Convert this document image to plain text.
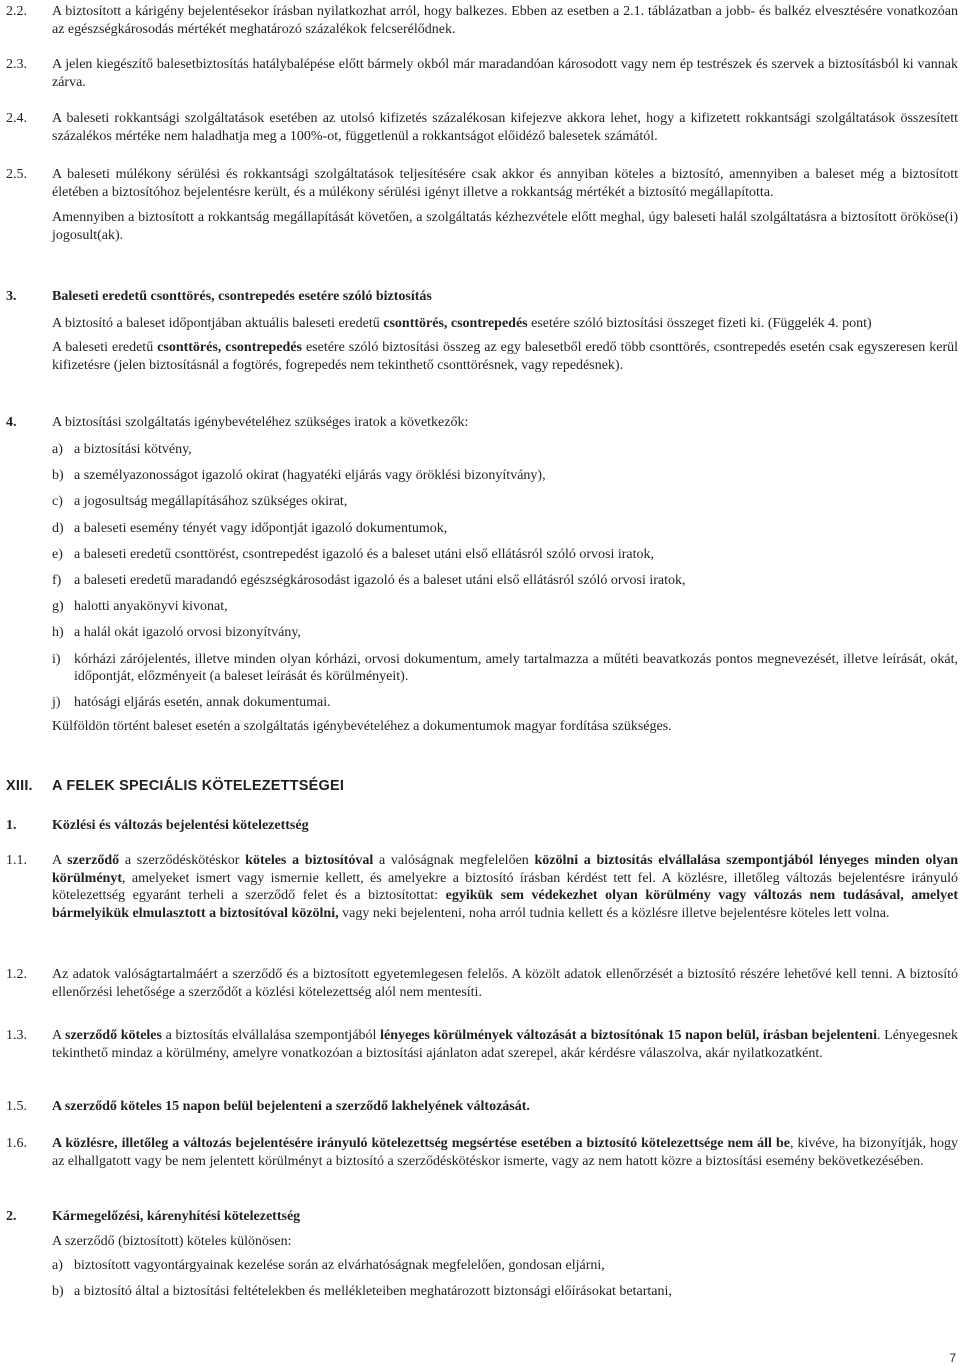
2.2. A biztosított a kárigény bejelentésekor írásban nyilatkozhat arról, hogy balkezes. Ebben az esetben a 2.1. táblázatban a jobb- és balkéz elvesztésére vonatkozóan az egészségkárosodás mértékét meghatározó százalékok felcserélődnek.

2.3. A jelen kiegészítő balesetbiztosítás hatálybalépése előtt bármely okból már maradandóan károsodott vagy nem ép testrészek és szervek a biztosításból ki vannak zárva.

2.4. A baleseti rokkantsági szolgáltatások esetében az utolsó kifizetés százalékosan kifejezve akkora lehet, hogy a kifizetett rokkantsági szolgáltatások összesített százalékos mértéke nem haladhatja meg a 100%-ot, függetlenül a rokkantságot előidéző balesetek számától.

2.5. A baleseti múlékony sérülési és rokkantsági szolgáltatások teljesítésére csak akkor és annyiban köteles a biztosító, amennyiben a baleset még a biztosított életében a biztosítóhoz bejelentésre került, és a múlékony sérülési igényt illetve a rokkantság mértékét a biztosító megállapította.

Amennyiben a biztosított a rokkantság megállapítását követően, a szolgáltatás kézhezvétele előtt meghal, úgy baleseti halál szolgáltatásra a biztosított örököse(i) jogosult(ak).

3.	Baleseti eredetű csonttörés, csontrepedés esetére szóló biztosítás

A biztosító a baleset időpontjában aktuális baleseti eredetű csonttörés, csontrepedés esetére szóló biztosítási összeget fizeti ki. (Függelék 4. pont)

A baleseti eredetű csonttörés, csontrepedés esetére szóló biztosítási összeg az egy balesetből eredő több csonttörés, csontrepedés esetén csak egyszeresen kerül kifizetésre (jelen biztosításnál a fogtörés, fogrepedés nem tekinthető csonttörésnek, vagy repedésnek).

4.	A biztosítási szolgáltatás igénybevételéhez szükséges iratok a következők:

a) a biztosítási kötvény,
b) a személyazonosságot igazoló okirat (hagyatéki eljárás vagy öröklési bizonyítvány),
c) a jogosultság megállapításához szükséges okirat,
d) a baleseti esemény tényét vagy időpontját igazoló dokumentumok,
e) a baleseti eredetű csonttörést, csontrepedést igazoló és a baleset utáni első ellátásról szóló orvosi iratok,
f) a baleseti eredetű maradandó egészségkárosodást igazoló és a baleset utáni első ellátásról szóló orvosi iratok,
g) halotti anyakönyvi kivonat,
h) a halál okát igazoló orvosi bizonyítvány,
i) kórházi zárójelentés, illetve minden olyan kórházi, orvosi dokumentum, amely tartalmazza a műtéti beavatkozás pontos megnevezését, illetve leírását, okát, időpontját, előzményeit (a baleset leírását és körülményeit).
j) hatósági eljárás esetén, annak dokumentumai.

Külföldön történt baleset esetén a szolgáltatás igénybevételéhez a dokumentumok magyar fordítása szükséges.

XIII. A FELEK SPECIÁLIS KÖTELEZETTSÉGEI

1.	Közlési és változás bejelentési kötelezettség

1.1. A szerződő a szerződéskötéskor köteles a biztosítóval a valóságnak megfelelően közölni a biztosítás elvállalása szempontjából lényeges minden olyan körülményt, amelyeket ismert vagy ismernie kellett, és amelyekre a biztosító írásban kérdést tett fel. A közlésre, illetőleg változás bejelentésre irányuló kötelezettség egyaránt terheli a szerződő felet és a biztosítottat: egyikük sem védekezhet olyan körülmény vagy változás nem tudásával, amelyet bármelyikük elmulasztott a biztosítóval közölni, vagy neki bejelenteni, noha arról tudnia kellett és a közlésre illetve bejelentésre köteles lett volna.

1.2. Az adatok valóságtartalmáért a szerződő és a biztosított egyetemlegesen felelős. A közölt adatok ellenőrzését a biztosító részére lehetővé kell tenni. A biztosító ellenőrzési lehetősége a szerződőt a közlési kötelezettség alól nem mentesíti.

1.3. A szerződő köteles a biztosítás elvállalása szempontjából lényeges körülmények változását a biztosítónak 15 napon belül, írásban bejelenteni. Lényegesnek tekinthető mindaz a körülmény, amelyre vonatkozóan a biztosítási ajánlaton adat szerepel, akár kérdésre válaszolva, akár nyilatkozatként.

1.5. A szerződő köteles 15 napon belül bejelenteni a szerződő lakhelyének változását.

1.6. A közlésre, illetőleg a változás bejelentésére irányuló kötelezettség megsértése esetében a biztosító kötelezettsége nem áll be, kivéve, ha bizonyítják, hogy az elhallgatott vagy be nem jelentett körülményt a biztosító a szerződéskötéskor ismerte, vagy az nem hatott közre a biztosítási esemény bekövetkezésében.

2.	Kármegelőzési, kárenyhítési kötelezettség

A szerződő (biztosított) köteles különösen:

a) biztosított vagyontárgyainak kezelése során az elvárhatóságnak megfelelően, gondosan eljárni,
b) a biztosító által a biztosítási feltételekben és mellékleteiben meghatározott biztonsági előírásokat betartani,
7
